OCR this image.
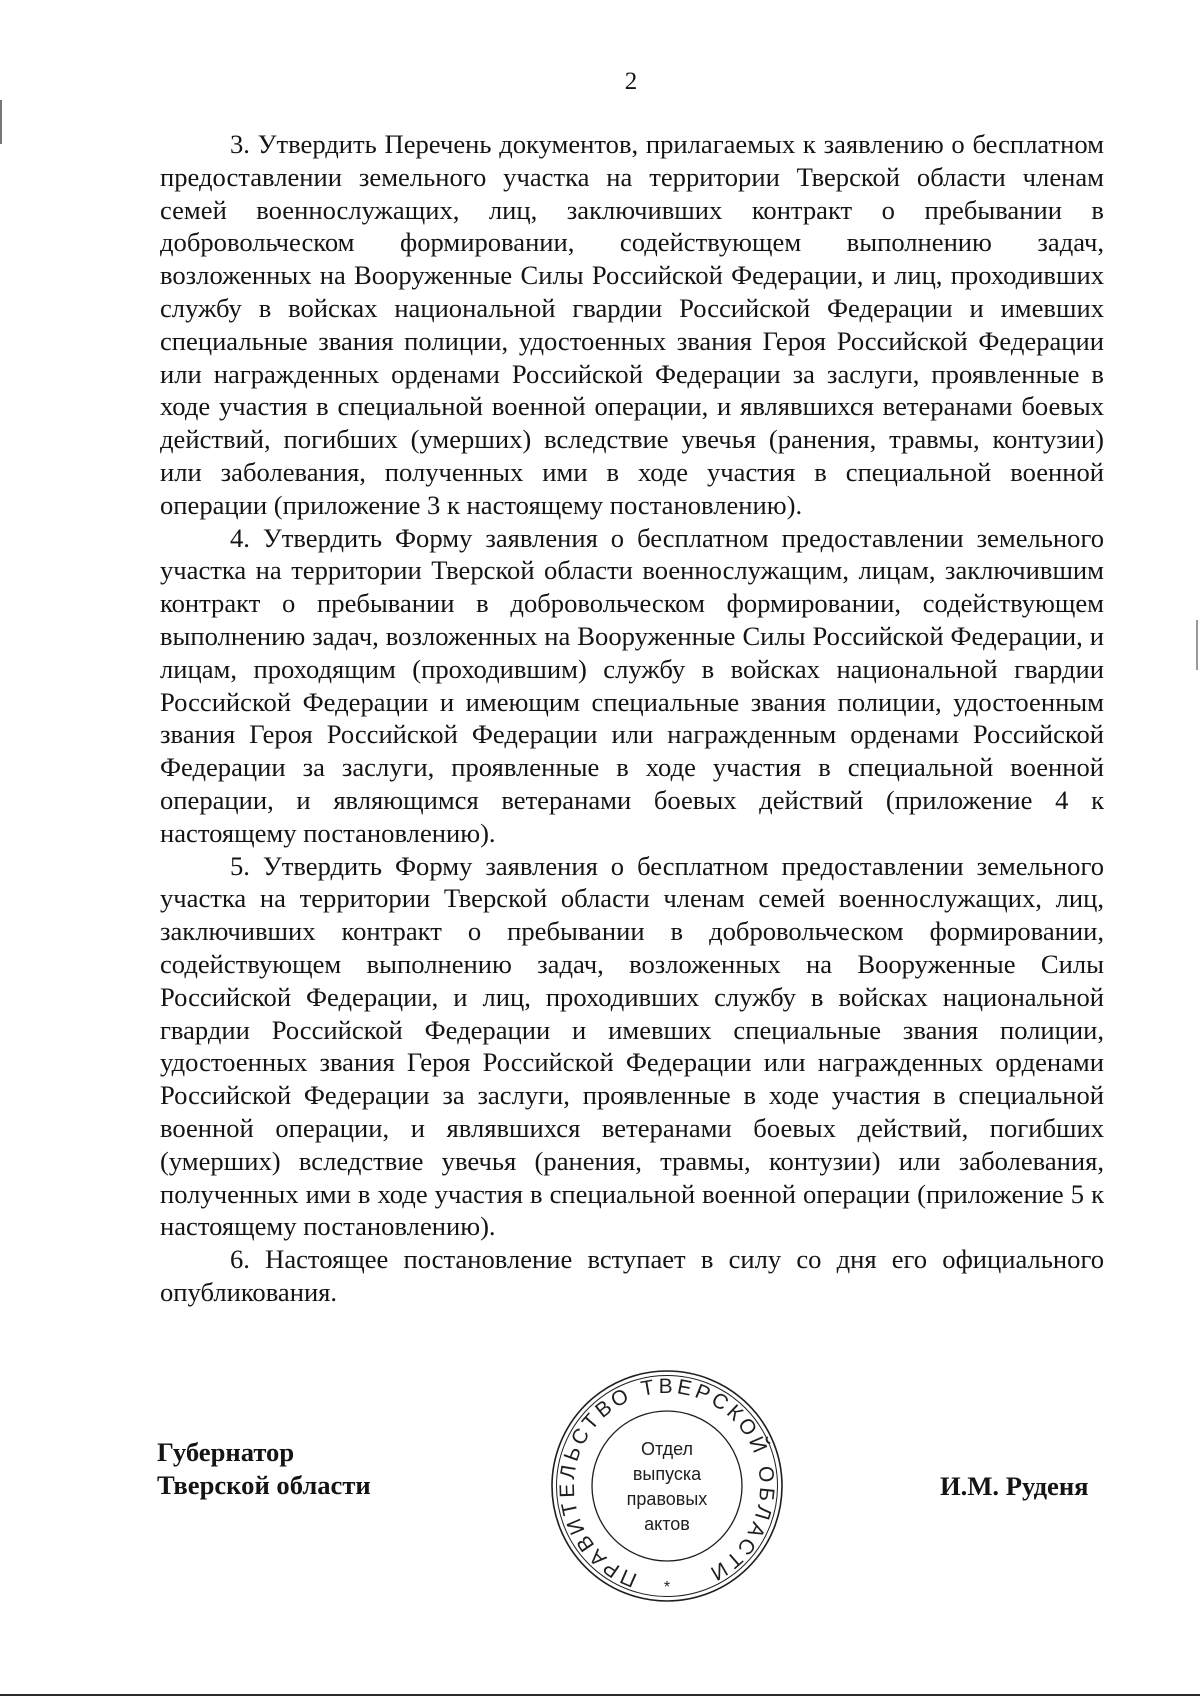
2

3. Утвердить Перечень документов, прилагаемых к заявлению о бесплатном предоставлении земельного участка на территории Тверской области членам семей военнослужащих, лиц, заключивших контракт о пребывании в добровольческом формировании, содействующем выполнению задач, возложенных на Вооруженные Силы Российской Федерации, и лиц, проходивших службу в войсках национальной гвардии Российской Федерации и имевших специальные звания полиции, удостоенных звания Героя Российской Федерации или награжденных орденами Российской Федерации за заслуги, проявленные в ходе участия в специальной военной операции, и являвшихся ветеранами боевых действий, погибших (умерших) вследствие увечья (ранения, травмы, контузии) или заболевания, полученных ими в ходе участия в специальной военной операции (приложение 3 к настоящему постановлению).

4. Утвердить Форму заявления о бесплатном предоставлении земельного участка на территории Тверской области военнослужащим, лицам, заключившим контракт о пребывании в добровольческом формировании, содействующем выполнению задач, возложенных на Вооруженные Силы Российской Федерации, и лицам, проходящим (проходившим) службу в войсках национальной гвардии Российской Федерации и имеющим специальные звания полиции, удостоенным звания Героя Российской Федерации или награжденным орденами Российской Федерации за заслуги, проявленные в ходе участия в специальной военной операции, и являющимся ветеранами боевых действий (приложение 4 к настоящему постановлению).

5. Утвердить Форму заявления о бесплатном предоставлении земельного участка на территории Тверской области членам семей военнослужащих, лиц, заключивших контракт о пребывании в добровольческом формировании, содействующем выполнению задач, возложенных на Вооруженные Силы Российской Федерации, и лиц, проходивших службу в войсках национальной гвардии Российской Федерации и имевших специальные звания полиции, удостоенных звания Героя Российской Федерации или награжденных орденами Российской Федерации за заслуги, проявленные в ходе участия в специальной военной операции, и являвшихся ветеранами боевых действий, погибших (умерших) вследствие увечья (ранения, травмы, контузии) или заболевания, полученных ими в ходе участия в специальной военной операции (приложение 5 к настоящему постановлению).

6. Настоящее постановление вступает в силу со дня его официального опубликования.

Губернатор
Тверской области
ПРАВИТЕЛЬСТВО ТВЕРСКОЙ ОБЛАСТИ
*
Отдел
выпуска
правовых
актов
И.М. Руденя
